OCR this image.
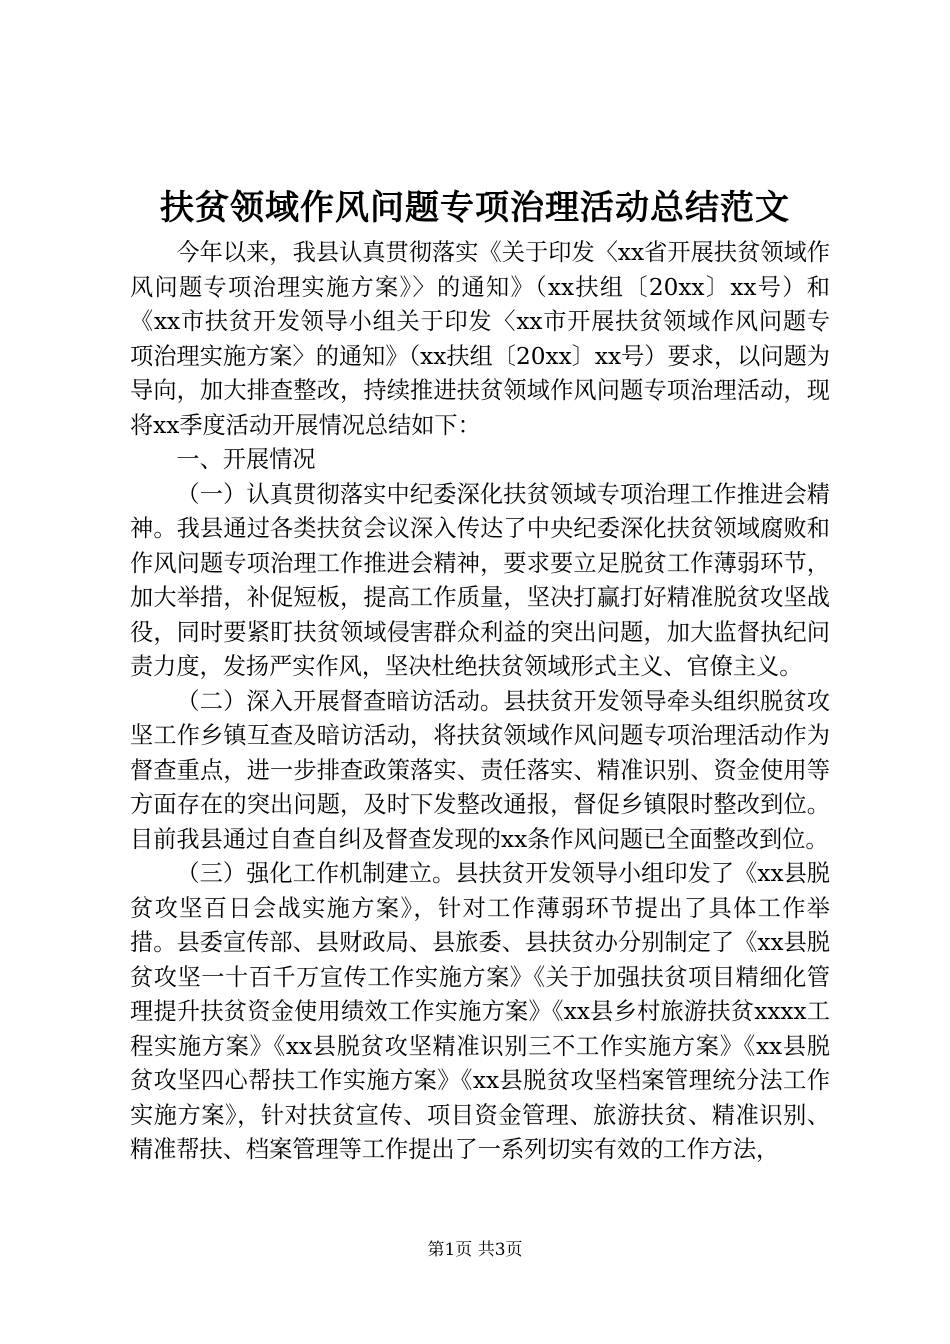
扶贫领域作风问题专项治理活动总结范文

今年以来，我县认真贯彻落实《关于印发〈xx省开展扶贫领域作风问题专项治理实施方案》〉的通知》（xx扶组〔20xx〕xx号）和《xx市扶贫开发领导小组关于印发〈xx市开展扶贫领域作风问题专项治理实施方案〉的通知》（xx扶组〔20xx〕xx号）要求，以问题为导向，加大排查整改，持续推进扶贫领域作风问题专项治理活动，现将xx季度活动开展情况总结如下：

一、开展情况

（一）认真贯彻落实中纪委深化扶贫领域专项治理工作推进会精神。我县通过各类扶贫会议深入传达了中央纪委深化扶贫领域腐败和作风问题专项治理工作推进会精神，要求要立足脱贫工作薄弱环节，加大举措，补促短板，提高工作质量，坚决打赢打好精准脱贫攻坚战役，同时要紧盯扶贫领域侵害群众利益的突出问题，加大监督执纪问责力度，发扬严实作风，坚决杜绝扶贫领域形式主义、官僚主义。

（二）深入开展督查暗访活动。县扶贫开发领导牵头组织脱贫攻坚工作乡镇互查及暗访活动，将扶贫领域作风问题专项治理活动作为督查重点，进一步排查政策落实、责任落实、精准识别、资金使用等方面存在的突出问题，及时下发整改通报，督促乡镇限时整改到位。目前我县通过自查自纠及督查发现的xx条作风问题已全面整改到位。

（三）强化工作机制建立。县扶贫开发领导小组印发了《xx县脱贫攻坚百日会战实施方案》，针对工作薄弱环节提出了具体工作举措。县委宣传部、县财政局、县旅委、县扶贫办分别制定了《xx县脱贫攻坚一十百千万宣传工作实施方案》《关于加强扶贫项目精细化管理提升扶贫资金使用绩效工作实施方案》《xx县乡村旅游扶贫xxxx工程实施方案》《xx县脱贫攻坚精准识别三不工作实施方案》《xx县脱贫攻坚四心帮扶工作实施方案》《xx县脱贫攻坚档案管理统分法工作实施方案》，针对扶贫宣传、项目资金管理、旅游扶贫、精准识别、精准帮扶、档案管理等工作提出了一系列切实有效的工作方法，

第1页 共3页
